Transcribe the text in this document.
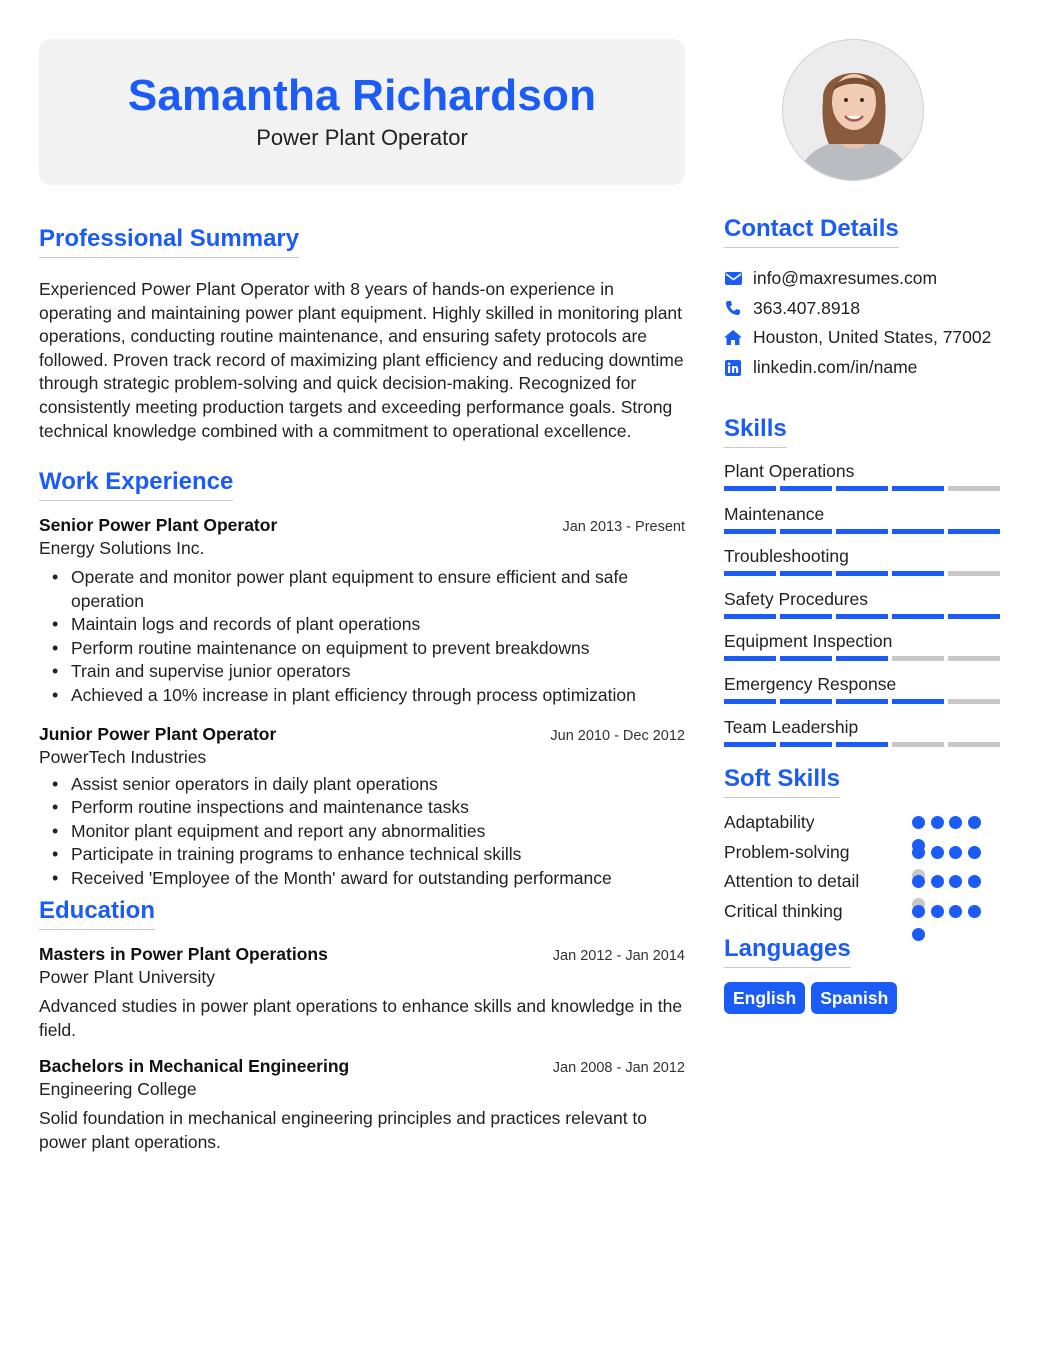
Samantha Richardson
Power Plant Operator
Professional Summary

Experienced Power Plant Operator with 8 years of hands-on experience in operating and maintaining power plant equipment. Highly skilled in monitoring plant operations, conducting routine maintenance, and ensuring safety protocols are followed. Proven track record of maximizing plant efficiency and reducing downtime through strategic problem-solving and quick decision-making. Recognized for consistently meeting production targets and exceeding performance goals. Strong technical knowledge combined with a commitment to operational excellence.

Work Experience
Senior Power Plant Operator	Jan 2013 - Present
Energy Solutions Inc.
• Operate and monitor power plant equipment to ensure efficient and safe operation
• Maintain logs and records of plant operations
• Perform routine maintenance on equipment to prevent breakdowns
• Train and supervise junior operators
• Achieved a 10% increase in plant efficiency through process optimization
Junior Power Plant Operator	Jun 2010 - Dec 2012
PowerTech Industries
• Assist senior operators in daily plant operations
• Perform routine inspections and maintenance tasks
• Monitor plant equipment and report any abnormalities
• Participate in training programs to enhance technical skills
• Received 'Employee of the Month' award for outstanding performance
Education
Masters in Power Plant Operations	Jan 2012 - Jan 2014
Power Plant University

Advanced studies in power plant operations to enhance skills and knowledge in the field.

Bachelors in Mechanical Engineering	Jan 2008 - Jan 2012
Engineering College

Solid foundation in mechanical engineering principles and practices relevant to power plant operations.

Contact Details
info@maxresumes.com
363.407.8918
Houston, United States, 77002
linkedin.com/in/name
Skills
Plant Operations
Maintenance
Troubleshooting
Safety Procedures
Equipment Inspection
Emergency Response
Team Leadership
Soft Skills
Adaptability
Problem-solving
Attention to detail
Critical thinking
Languages
English	Spanish
